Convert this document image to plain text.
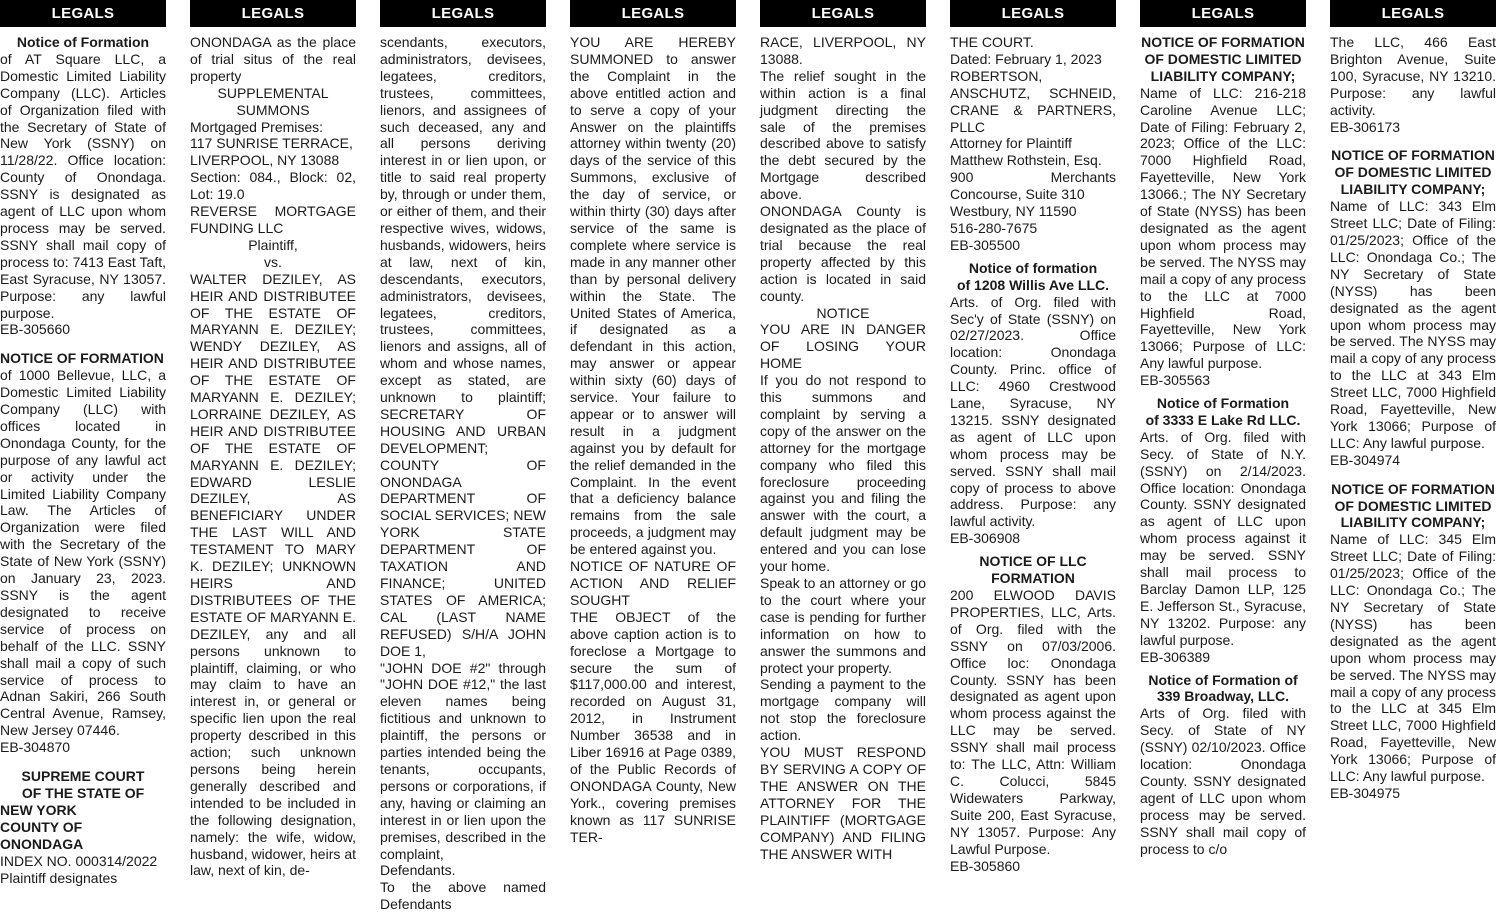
LEGALS
Notice of Formation
of AT Square LLC, a Domestic Limited Liability Company (LLC). Articles of Organization filed with the Secretary of State of New York (SSNY) on 11/28/22. Office location: County of Onondaga. SSNY is designated as agent of LLC upon whom process may be served. SSNY shall mail copy of process to: 7413 East Taft, East Syracuse, NY 13057. Purpose: any lawful purpose.
EB-305660
NOTICE OF FORMATION
of 1000 Bellevue, LLC, a Domestic Limited Liability Company (LLC) with offices located in Onondaga County, for the purpose of any lawful act or activity under the Limited Liability Company Law. The Articles of Organization were filed with the Secretary of the State of New York (SSNY) on January 23, 2023. SSNY is the agent designated to receive service of process on behalf of the LLC. SSNY shall mail a copy of such service of process to Adnan Sakiri, 266 South Central Avenue, Ramsey, New Jersey 07446.
EB-304870
SUPREME COURT
OF THE STATE OF
NEW YORK
COUNTY OF ONONDAGA
INDEX NO. 000314/2022
Plaintiff designates
LEGALS
ONONDAGA as the place of trial situs of the real property
SUPPLEMENTAL
SUMMONS
Mortgaged Premises:
117 SUNRISE TERRACE,
LIVERPOOL, NY 13088
Section: 084., Block: 02, Lot: 19.0
REVERSE MORTGAGE FUNDING LLC
Plaintiff,
vs.
WALTER DEZILEY, AS HEIR AND DISTRIBUTEE OF THE ESTATE OF MARYANN E. DEZILEY; WENDY DEZILEY, AS HEIR AND DISTRIBUTEE OF THE ESTATE OF MARYANN E. DEZILEY; LORRAINE DEZILEY, AS HEIR AND DISTRIBUTEE OF THE ESTATE OF MARYANN E. DEZILEY; EDWARD LESLIE DEZILEY, AS BENEFICIARY UNDER THE LAST WILL AND TESTAMENT TO MARY K. DEZILEY; UNKNOWN HEIRS AND DISTRIBUTEES OF THE ESTATE OF MARYANN E. DEZILEY, any and all persons unknown to plaintiff, claiming, or who may claim to have an interest in, or general or specific lien upon the real property described in this action; such unknown persons being herein generally described and intended to be included in the following designation, namely: the wife, widow, husband, widower, heirs at law, next of kin, de-
LEGALS
scendants, executors, administrators, devisees, legatees, creditors, trustees, committees, lienors, and assignees of such deceased, any and all persons deriving interest in or lien upon, or title to said real property by, through or under them, or either of them, and their respective wives, widows, husbands, widowers, heirs at law, next of kin, descendants, executors, administrators, devisees, legatees, creditors, trustees, committees, lienors and assigns, all of whom and whose names, except as stated, are unknown to plaintiff; SECRETARY OF HOUSING AND URBAN DEVELOPMENT; COUNTY OF ONONDAGA DEPARTMENT OF SOCIAL SERVICES; NEW YORK STATE DEPARTMENT OF TAXATION AND FINANCE; UNITED STATES OF AMERICA; CAL (LAST NAME REFUSED) S/H/A JOHN DOE 1,
"JOHN DOE #2" through "JOHN DOE #12," the last eleven names being fictitious and unknown to plaintiff, the persons or parties intended being the tenants, occupants, persons or corporations, if any, having or claiming an interest in or lien upon the premises, described in the complaint,
Defendants.
To the above named Defendants
LEGALS
YOU ARE HEREBY SUMMONED to answer the Complaint in the above entitled action and to serve a copy of your Answer on the plaintiffs attorney within twenty (20) days of the service of this Summons, exclusive of the day of service, or within thirty (30) days after service of the same is complete where service is made in any manner other than by personal delivery within the State. The United States of America, if designated as a defendant in this action, may answer or appear within sixty (60) days of service. Your failure to appear or to answer will result in a judgment against you by default for the relief demanded in the Complaint. In the event that a deficiency balance remains from the sale proceeds, a judgment may be entered against you.
NOTICE OF NATURE OF ACTION AND RELIEF SOUGHT
THE OBJECT of the above caption action is to foreclose a Mortgage to secure the sum of $117,000.00 and interest, recorded on August 31, 2012, in Instrument Number 36538 and in Liber 16916 at Page 0389, of the Public Records of ONONDAGA County, New York., covering premises known as 117 SUNRISE TER-
LEGALS
RACE, LIVERPOOL, NY 13088.
The relief sought in the within action is a final judgment directing the sale of the premises described above to satisfy the debt secured by the Mortgage described above.
ONONDAGA County is designated as the place of trial because the real property affected by this action is located in said county.
NOTICE
YOU ARE IN DANGER OF LOSING YOUR HOME
If you do not respond to this summons and complaint by serving a copy of the answer on the attorney for the mortgage company who filed this foreclosure proceeding against you and filing the answer with the court, a default judgment may be entered and you can lose your home.
Speak to an attorney or go to the court where your case is pending for further information on how to answer the summons and protect your property.
Sending a payment to the mortgage company will not stop the foreclosure action.
YOU MUST RESPOND BY SERVING A COPY OF THE ANSWER ON THE ATTORNEY FOR THE PLAINTIFF (MORTGAGE COMPANY) AND FILING THE ANSWER WITH
LEGALS
THE COURT.
Dated: February 1, 2023
ROBERTSON, ANSCHUTZ, SCHNEID, CRANE & PARTNERS, PLLC
Attorney for Plaintiff
Matthew Rothstein, Esq.
900 Merchants Concourse, Suite 310
Westbury, NY 11590
516-280-7675
EB-305500
Notice of formation
of 1208 Willis Ave LLC.
Arts. of Org. filed with Sec'y of State (SSNY) on 02/27/2023. Office location: Onondaga County. Princ. office of LLC: 4960 Crestwood Lane, Syracuse, NY 13215. SSNY designated as agent of LLC upon whom process may be served. SSNY shall mail copy of process to above address. Purpose: any lawful activity.
EB-306908
NOTICE OF LLC
FORMATION
200 ELWOOD DAVIS PROPERTIES, LLC, Arts. of Org. filed with the SSNY on 07/03/2006. Office loc: Onondaga County. SSNY has been designated as agent upon whom process against the LLC may be served. SSNY shall mail process to: The LLC, Attn: William C. Colucci, 5845 Widewaters Parkway, Suite 200, East Syracuse, NY 13057. Purpose: Any Lawful Purpose.
EB-305860
LEGALS
NOTICE OF FORMATION
OF DOMESTIC LIMITED
LIABILITY COMPANY;
Name of LLC: 216-218 Caroline Avenue LLC; Date of Filing: February 2, 2023; Office of the LLC: 7000 Highfield Road, Fayetteville, New York 13066.; The NY Secretary of State (NYSS) has been designated as the agent upon whom process may be served. The NYSS may mail a copy of any process to the LLC at 7000 Highfield Road, Fayetteville, New York 13066; Purpose of LLC: Any lawful purpose.
EB-305563
Notice of Formation
of 3333 E Lake Rd LLC.
Arts. of Org. filed with Secy. of State of N.Y. (SSNY) on 2/14/2023. Office location: Onondaga County. SSNY designated as agent of LLC upon whom process against it may be served. SSNY shall mail process to Barclay Damon LLP, 125 E. Jefferson St., Syracuse, NY 13202. Purpose: any lawful purpose.
EB-306389
Notice of Formation of
339 Broadway, LLC.
Arts of Org. filed with Secy. of State of NY (SSNY) 02/10/2023. Office location: Onondaga County. SSNY designated agent of LLC upon whom process may be served. SSNY shall mail copy of process to c/o
LEGALS
The LLC, 466 East Brighton Avenue, Suite 100, Syracuse, NY 13210. Purpose: any lawful activity.
EB-306173
NOTICE OF FORMATION
OF DOMESTIC LIMITED
LIABILITY COMPANY;
Name of LLC: 343 Elm Street LLC; Date of Filing: 01/25/2023; Office of the LLC: Onondaga Co.; The NY Secretary of State (NYSS) has been designated as the agent upon whom process may be served. The NYSS may mail a copy of any process to the LLC at 343 Elm Street LLC, 7000 Highfield Road, Fayetteville, New York 13066; Purpose of LLC: Any lawful purpose.
EB-304974
NOTICE OF FORMATION
OF DOMESTIC LIMITED
LIABILITY COMPANY;
Name of LLC: 345 Elm Street LLC; Date of Filing: 01/25/2023; Office of the LLC: Onondaga Co.; The NY Secretary of State (NYSS) has been designated as the agent upon whom process may be served. The NYSS may mail a copy of any process to the LLC at 345 Elm Street LLC, 7000 Highfield Road, Fayetteville, New York 13066; Purpose of LLC: Any lawful purpose.
EB-304975
